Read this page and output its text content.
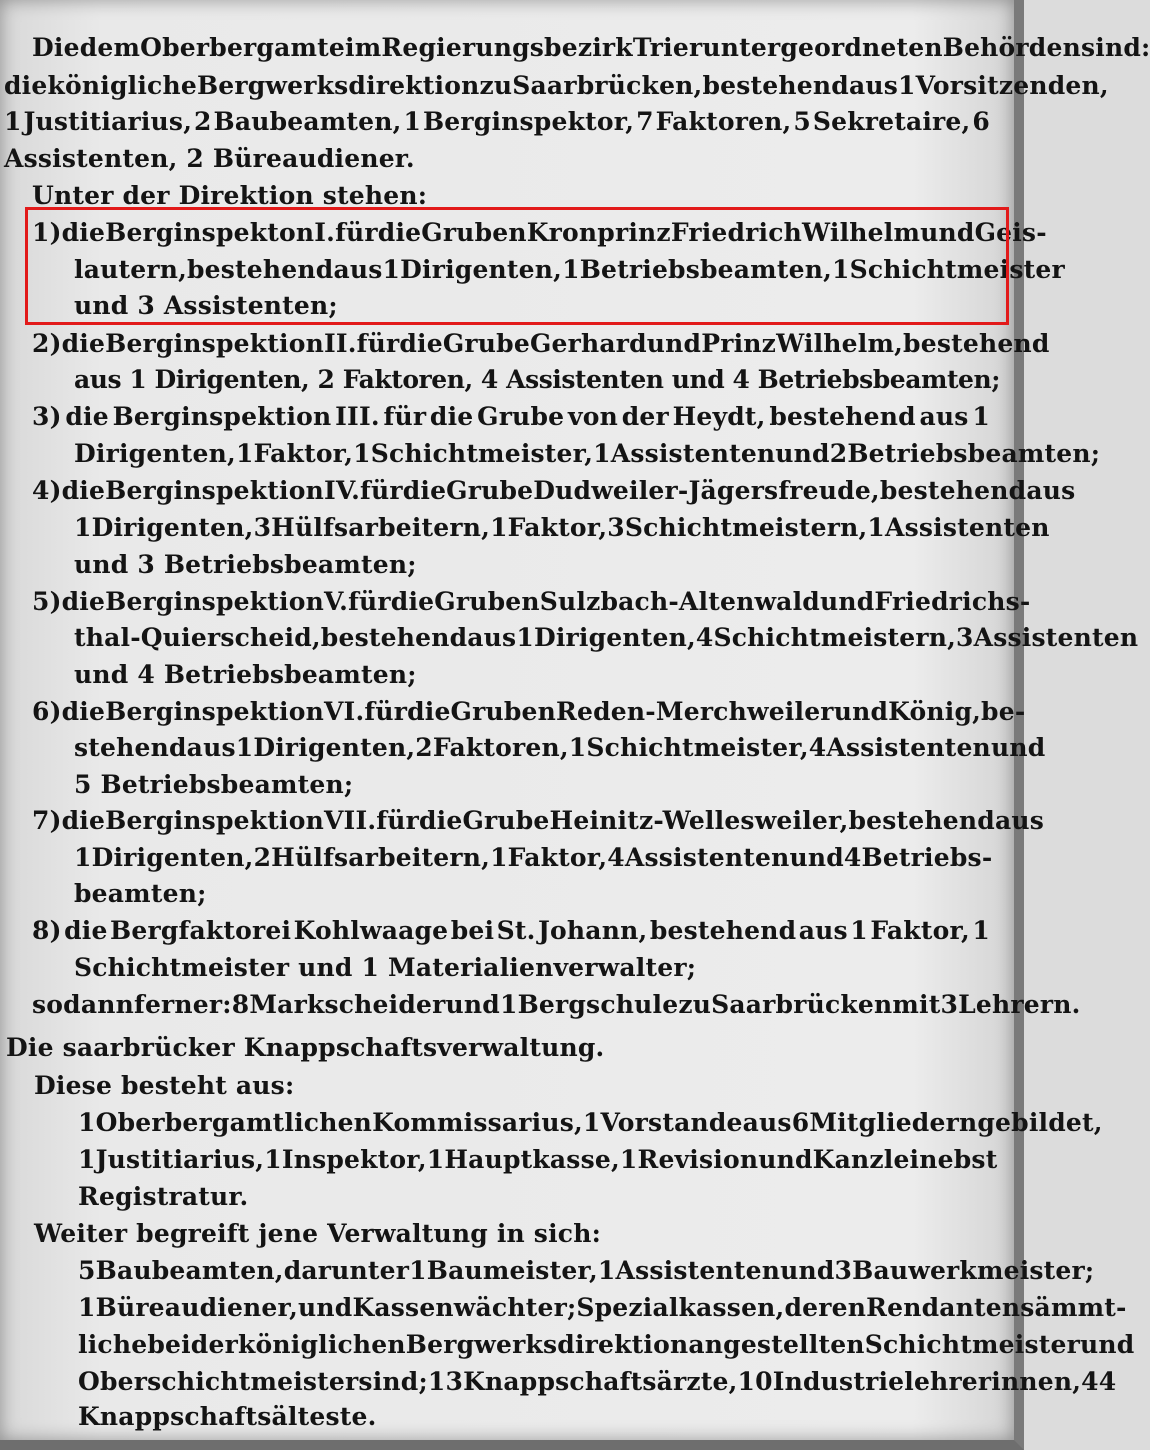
Die dem Oberbergamte im Regierungsbezirk Trier untergeordneten Behörden sind:
die königliche Bergwerksdirektion zu Saarbrücken, bestehend aus 1 Vorsitzenden,
1 Justitiarius, 2 Baubeamten, 1 Berginspektor, 7 Faktoren, 5 Sekretaire, 6
Assistenten, 2 Büreaudiener.
Unter der Direktion stehen:
1) die Berginspekton I. für die Gruben Kronprinz Friedrich Wilhelm und Geis-
lautern, bestehend aus 1 Dirigenten, 1 Betriebsbeamten, 1 Schichtmeister
und 3 Assistenten;
2) die Berginspektion II. für die Grube Gerhard und Prinz Wilhelm, bestehend
aus 1 Dirigenten, 2 Faktoren, 4 Assistenten und 4 Betriebsbeamten;
3) die Berginspektion III. für die Grube von der Heydt, bestehend aus 1
Dirigenten, 1 Faktor, 1 Schichtmeister, 1 Assistenten und 2 Betriebsbeamten;
4) die Berginspektion IV. für die Grube Dudweiler-Jägersfreude, bestehend aus
1 Dirigenten, 3 Hülfsarbeitern, 1 Faktor, 3 Schichtmeistern, 1 Assistenten
und 3 Betriebsbeamten;
5) die Berginspektion V. für die Gruben Sulzbach-Altenwald und Friedrichs-
thal-Quierscheid, bestehend aus 1 Dirigenten, 4 Schichtmeistern, 3 Assistenten
und 4 Betriebsbeamten;
6) die Berginspektion VI. für die Gruben Reden-Merchweiler und König, be-
stehend aus 1 Dirigenten, 2 Faktoren, 1 Schichtmeister, 4 Assistenten und
5 Betriebsbeamten;
7) die Berginspektion VII. für die Grube Heinitz-Wellesweiler, bestehend aus
1 Dirigenten, 2 Hülfsarbeitern, 1 Faktor, 4 Assistenten und 4 Betriebs-
beamten;
8) die Bergfaktorei Kohlwaage bei St. Johann, bestehend aus 1 Faktor, 1
Schichtmeister und 1 Materialienverwalter;
sodann ferner: 8 Markscheider und 1 Bergschule zu Saarbrücken mit 3 Lehrern.
Die saarbrücker Knappschaftsverwaltung.
Diese besteht aus:
1 Oberbergamtlichen Kommissarius, 1 Vorstande aus 6 Mitgliedern gebildet,
1 Justitiarius, 1 Inspektor, 1 Hauptkasse, 1 Revision und Kanzlei nebst
Registratur.
Weiter begreift jene Verwaltung in sich:
5 Baubeamten, darunter 1 Baumeister, 1 Assistenten und 3 Bauwerkmeister;
1 Büreaudiener, und Kassenwächter; Spezialkassen, deren Rendanten sämmt-
liche bei der königlichen Bergwerksdirektion angestellten Schichtmeister und
Oberschichtmeister sind; 13 Knappschaftsärzte, 10 Industrielehrerinnen, 44
Knappschaftsälteste.
